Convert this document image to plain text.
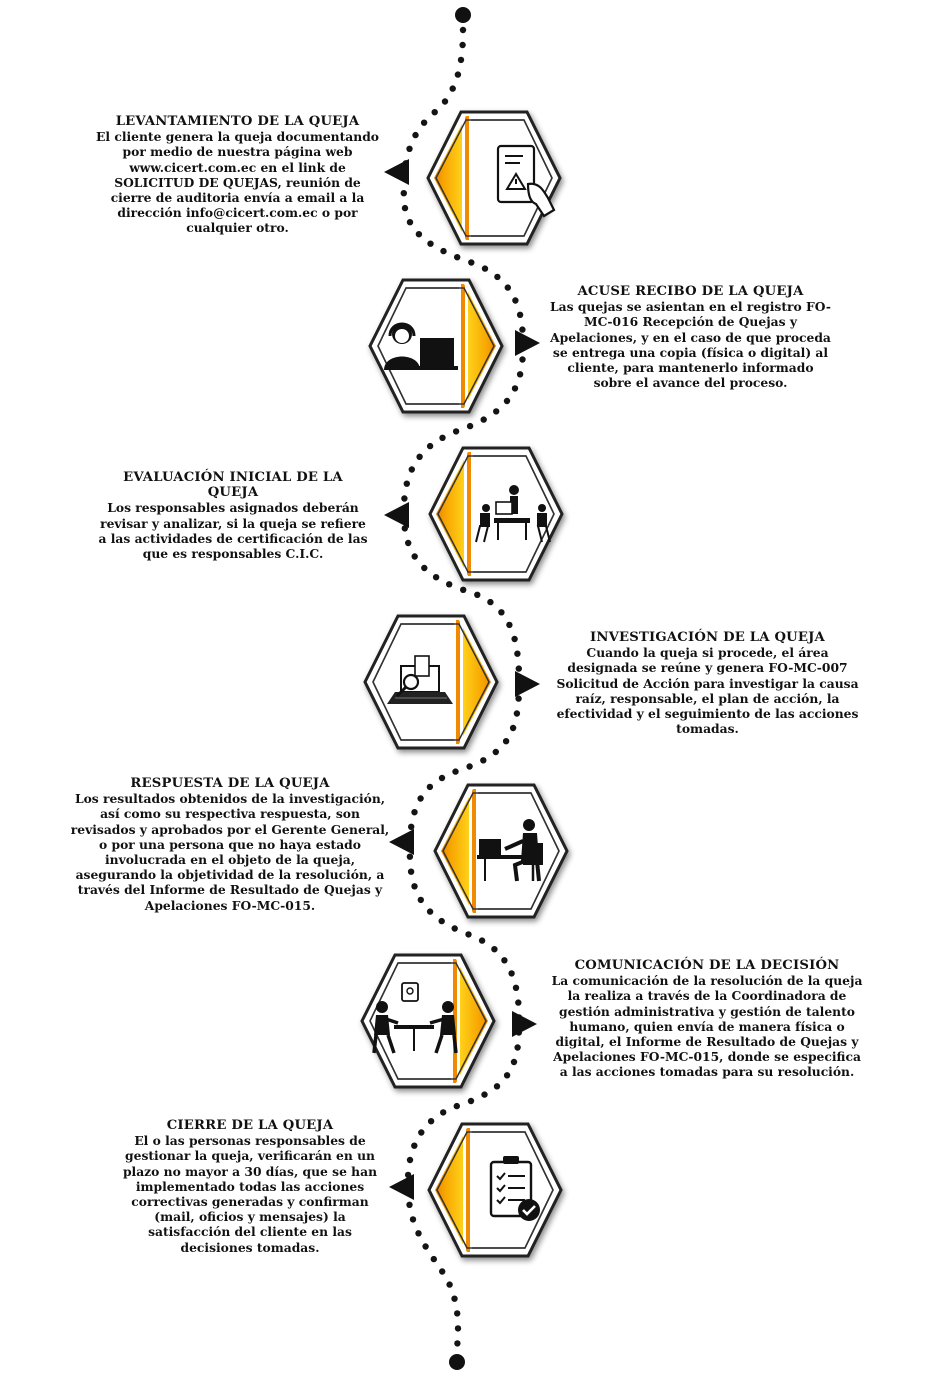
LEVANTAMIENTO DE LA QUEJA
El cliente genera la queja documentando por medio de nuestra página web www.cicert.com.ec en el link de SOLICITUD DE QUEJAS, reunión de cierre de auditoria envía a email a la dirección info@cicert.com.ec o por cualquier otro.
ACUSE RECIBO DE LA QUEJA
Las quejas se asientan en el registro FO-MC-016 Recepción de Quejas y Apelaciones, y en el caso de que proceda se entrega una copia (física o digital) al cliente, para mantenerlo informado sobre el avance del proceso.
EVALUACIÓN INICIAL DE LA QUEJA
Los responsables asignados deberán revisar y analizar, si la queja se refiere a las actividades de certificación de las que es responsables C.I.C.
INVESTIGACIÓN DE LA QUEJA
Cuando la queja si procede, el área designada se reúne y genera FO-MC-007 Solicitud de Acción para investigar la causa raíz, responsable, el plan de acción, la efectividad y el seguimiento de las acciones tomadas.
RESPUESTA DE LA QUEJA
Los resultados obtenidos de la investigación, así como su respectiva respuesta, son revisados y aprobados por el Gerente General, o por una persona que no haya estado involucrada en el objeto de la queja, asegurando la objetividad de la resolución, a través del Informe de Resultado de Quejas y Apelaciones FO-MC-015.
COMUNICACIÓN DE LA DECISIÓN
La comunicación de la resolución de la queja la realiza a través de la Coordinadora de gestión administrativa y gestión de talento humano, quien envía de manera física o digital, el Informe de Resultado de Quejas y Apelaciones FO-MC-015, donde se especifica a las acciones tomadas para su resolución.
CIERRE DE LA QUEJA
El o las personas responsables de gestionar la queja, verificarán en un plazo no mayor a 30 días, que se han implementado todas las acciones correctivas generadas y confirman (mail, oficios y mensajes) la satisfacción del cliente en las decisiones tomadas.
